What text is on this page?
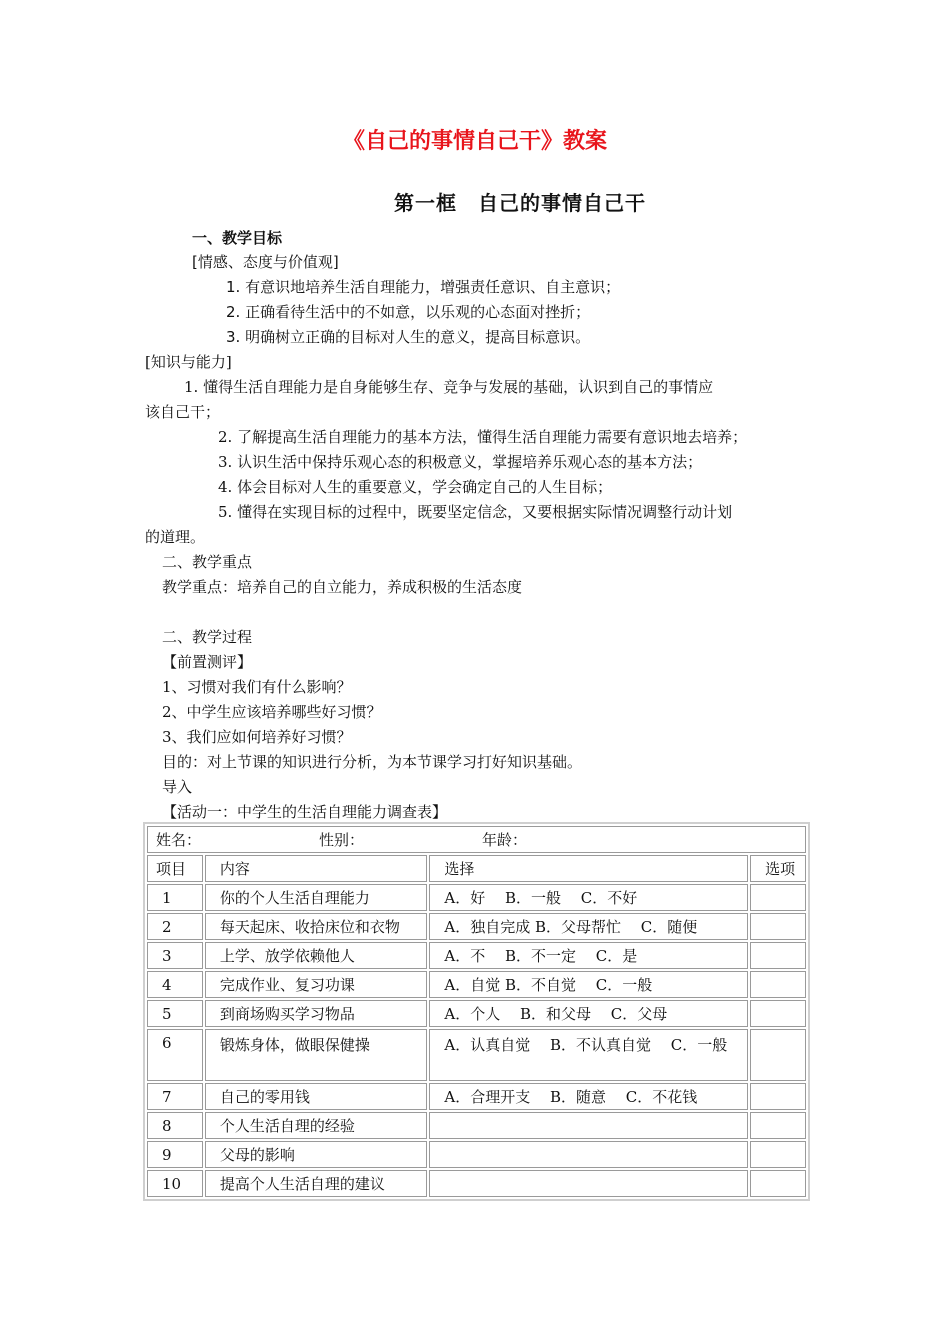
《自己的事情自己干》教案
第一框　自己的事情自己干
一、教学目标
[情感、态度与价值观]
1. 有意识地培养生活自理能力，增强责任意识、自主意识；
2. 正确看待生活中的不如意，以乐观的心态面对挫折；
3. 明确树立正确的目标对人生的意义，提高目标意识。
[知识与能力]
1. 懂得生活自理能力是自身能够生存、竞争与发展的基础，认识到自己的事情应
该自己干；
2. 了解提高生活自理能力的基本方法，懂得生活自理能力需要有意识地去培养；
3. 认识生活中保持乐观心态的积极意义，掌握培养乐观心态的基本方法；
4. 体会目标对人生的重要意义，学会确定自己的人生目标；
5. 懂得在实现目标的过程中，既要坚定信念，又要根据实际情况调整行动计划
的道理。
二、教学重点
教学重点：培养自己的自立能力，养成积极的生活态度
二、教学过程
【前置测评】
1、习惯对我们有什么影响？
2、中学生应该培养哪些好习惯？
3、我们应如何培养好习惯？
目的：对上节课的知识进行分析，为本节课学习打好知识基础。
导入
【活动一：中学生的生活自理能力调查表】
姓名： 性别： 年龄：			
项目	内容	选择	选项
1	你的个人生活自理能力	A．好　 B．一般　 C．不好	
2	每天起床、收拾床位和衣物	A．独自完成 B．父母帮忙　 C．随便	
3	上学、放学依赖他人	A．不　 B．不一定　 C．是	
4	完成作业、复习功课	A．自觉 B．不自觉　 C．一般	
5	到商场购买学习物品	A．个人　 B．和父母　 C．父母	
6	锻炼身体，做眼保健操	A．认真自觉　 B．不认真自觉　 C．一般	
7	自己的零用钱	A．合理开支　 B．随意　 C．不花钱	
8	个人生活自理的经验		
9	父母的影响		
10	提高个人生活自理的建议		
